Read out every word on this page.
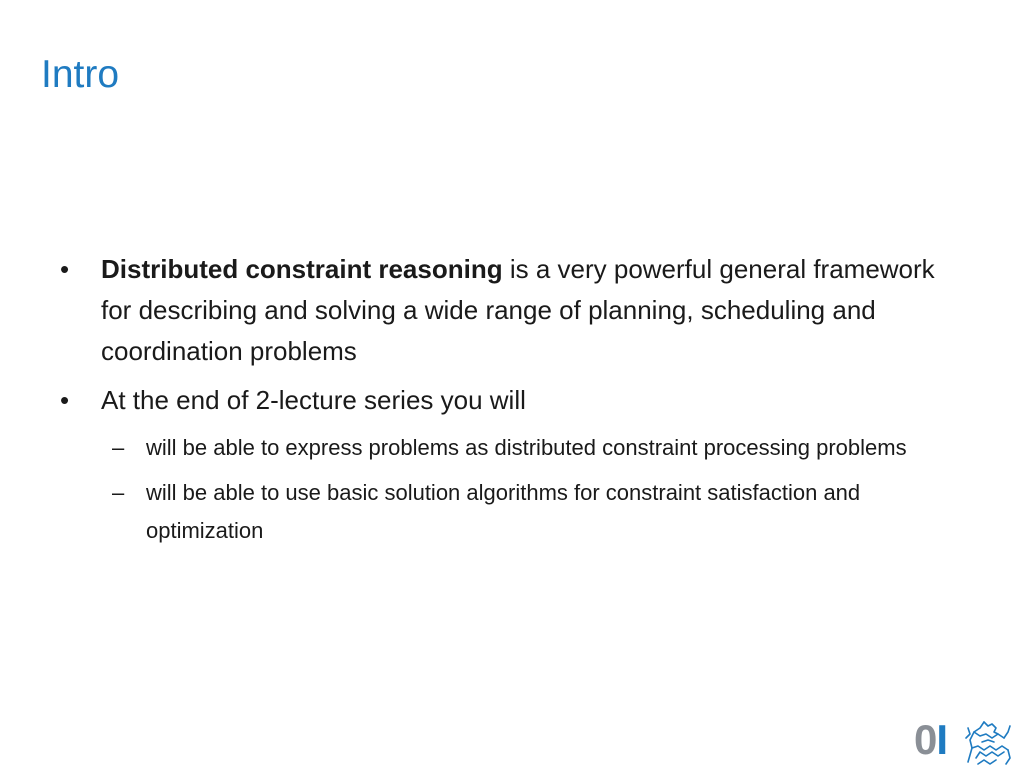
Intro
•	Distributed constraint reasoning is a very powerful general framework for describing and solving a wide range of planning, scheduling and coordination problems
•	At the end of 2-lecture series you will
– will be able to express problems as distributed constraint processing problems
– will be able to use basic solution algorithms for constraint satisfaction and optimization
0I
